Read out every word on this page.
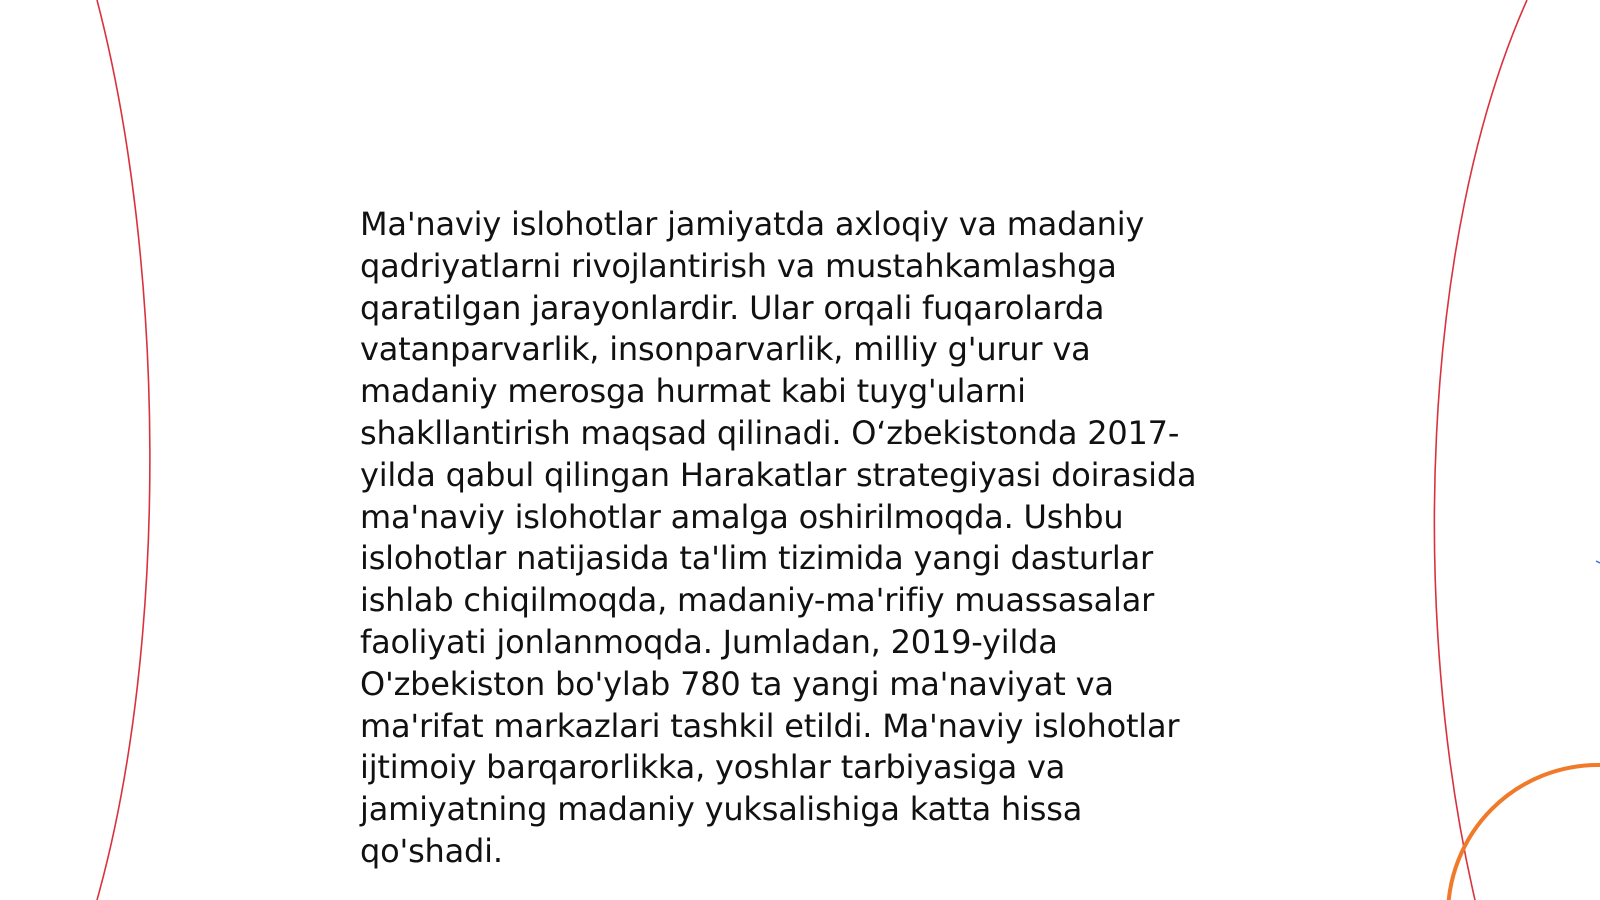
Ma'naviy islohotlar jamiyatda axloqiy va madaniy
qadriyatlarni rivojlantirish va mustahkamlashga
qaratilgan jarayonlardir. Ular orqali fuqarolarda
vatanparvarlik, insonparvarlik, milliy g'urur va
madaniy merosga hurmat kabi tuyg'ularni
shakllantirish maqsad qilinadi. O‘zbekistonda 2017-
yilda qabul qilingan Harakatlar strategiyasi doirasida
ma'naviy islohotlar amalga oshirilmoqda. Ushbu
islohotlar natijasida ta'lim tizimida yangi dasturlar
ishlab chiqilmoqda, madaniy-ma'rifiy muassasalar
faoliyati jonlanmoqda. Jumladan, 2019-yilda
O'zbekiston bo'ylab 780 ta yangi ma'naviyat va
ma'rifat markazlari tashkil etildi. Ma'naviy islohotlar
ijtimoiy barqarorlikka, yoshlar tarbiyasiga va
jamiyatning madaniy yuksalishiga katta hissa
qo'shadi.
